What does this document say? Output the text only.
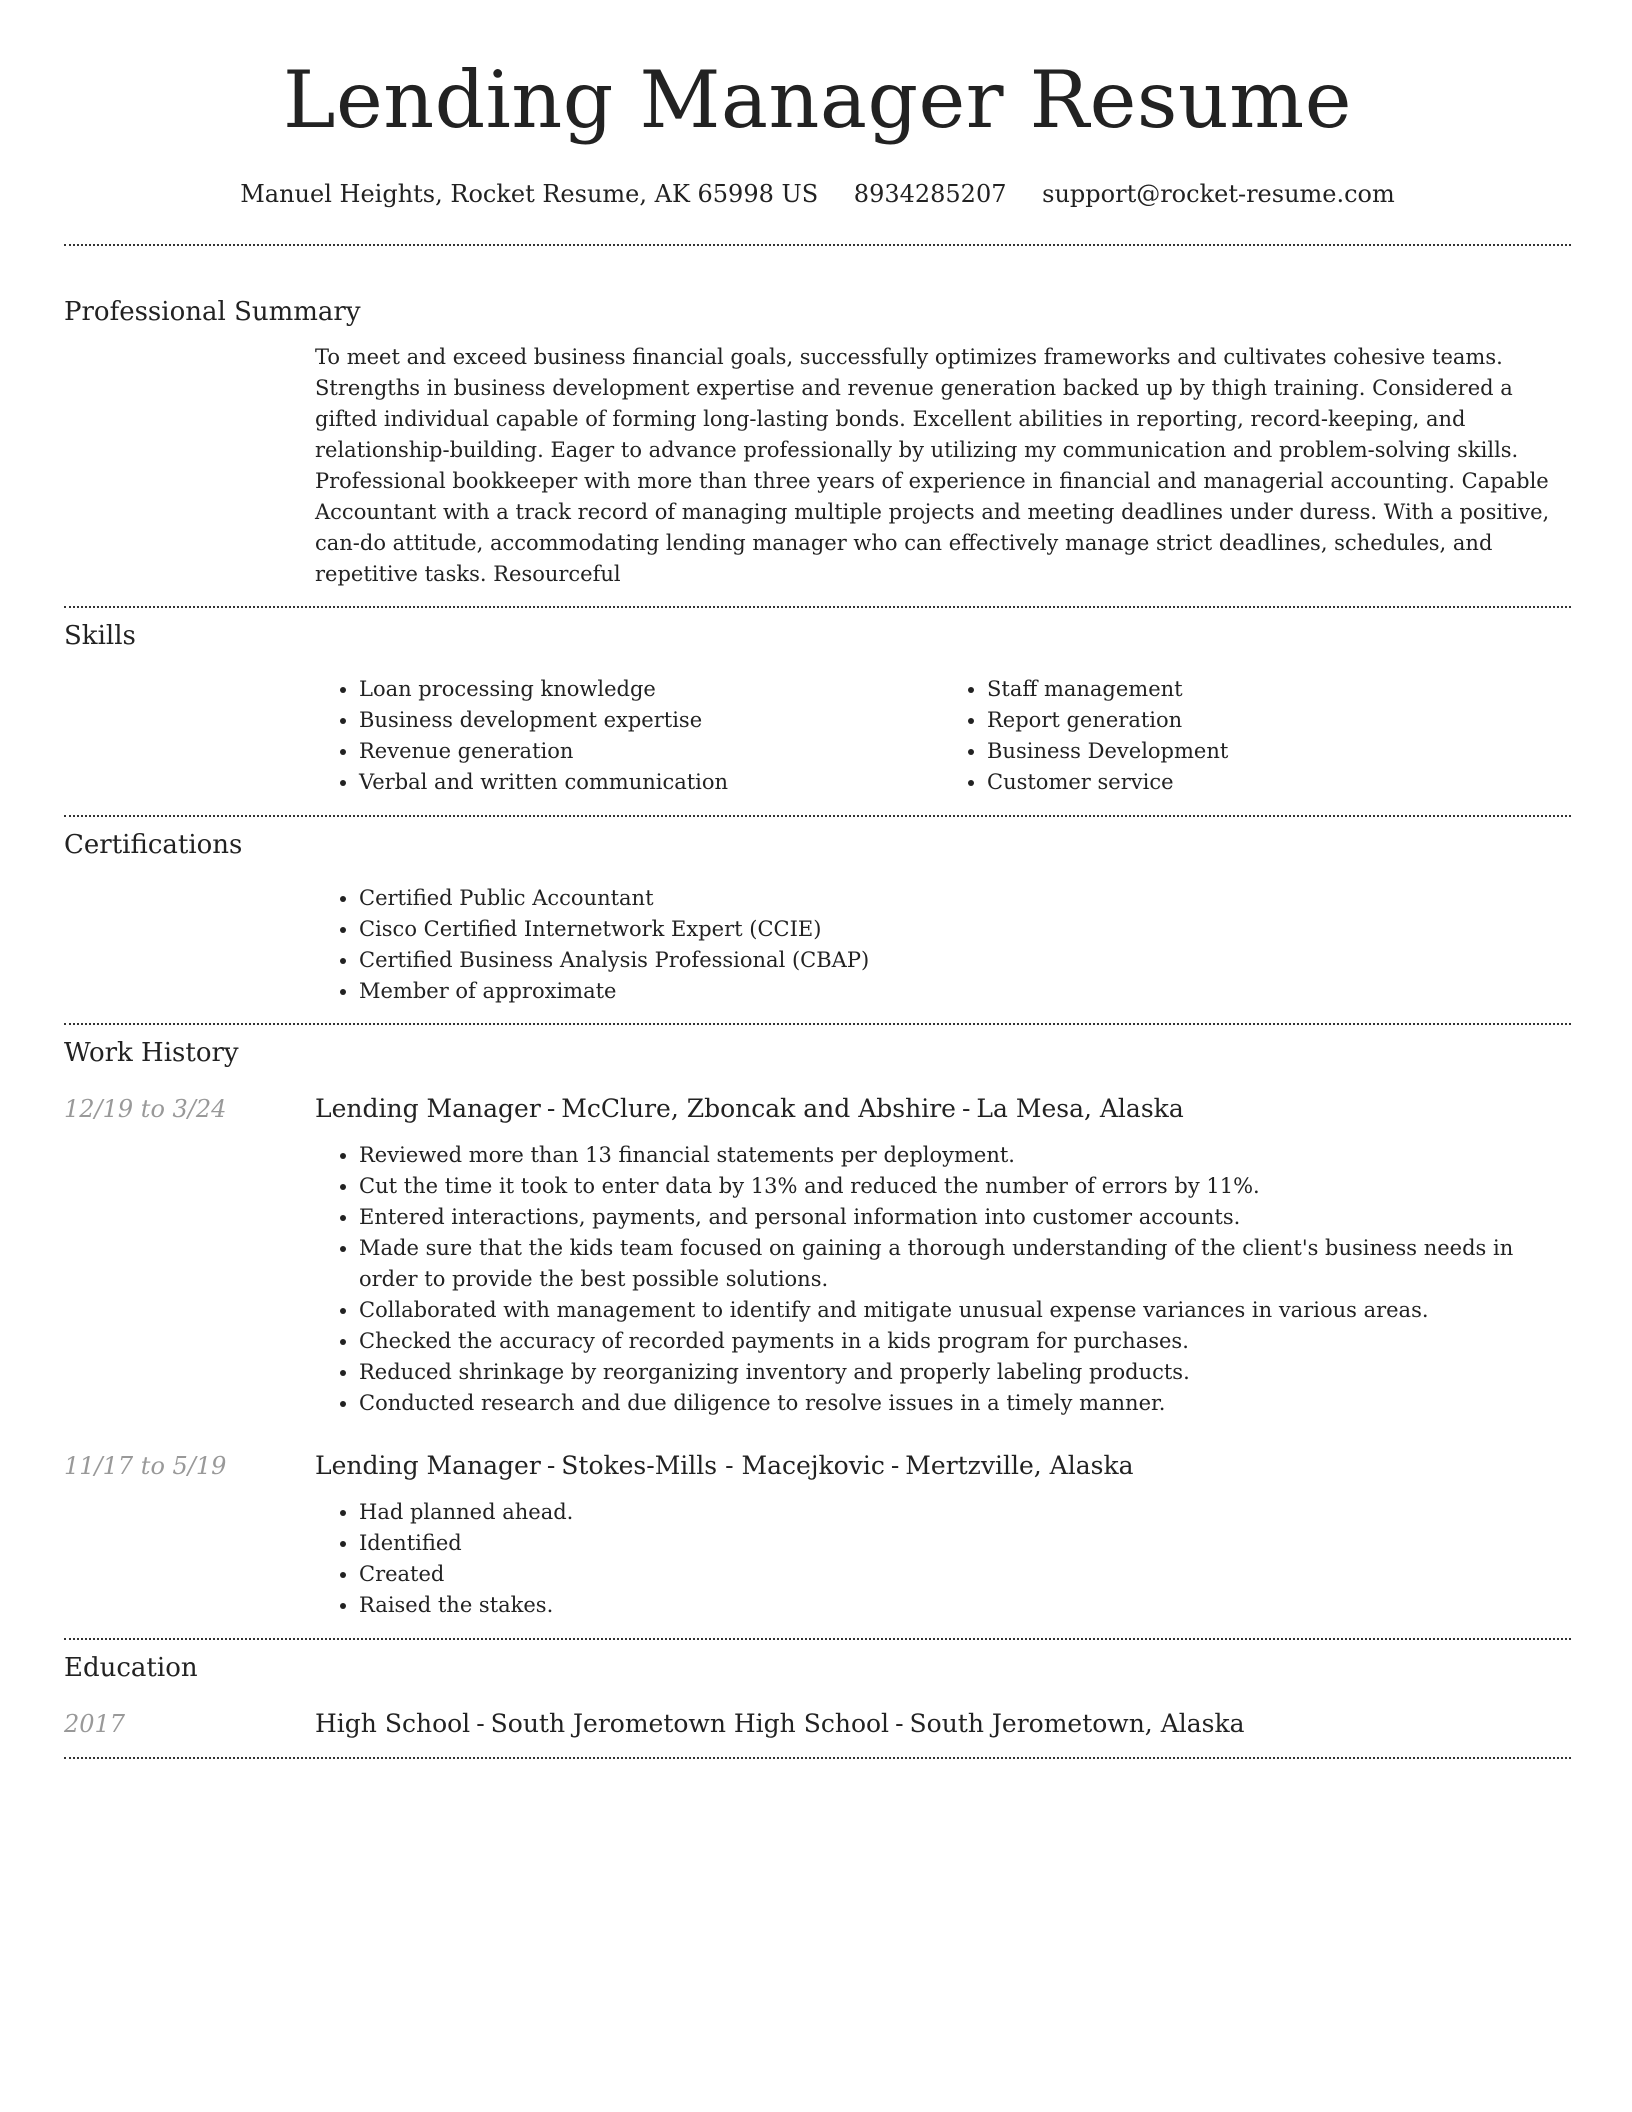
Lending Manager Resume
Manuel Heights, Rocket Resume, AK 65998 US 8934285207 support@rocket-resume.com
Professional Summary

To meet and exceed business financial goals, successfully optimizes frameworks and cultivates cohesive teams. Strengths in business development expertise and revenue generation backed up by thigh training. Considered a gifted individual capable of forming long-lasting bonds. Excellent abilities in reporting, record-keeping, and relationship-building. Eager to advance professionally by utilizing my communication and problem-solving skills. Professional bookkeeper with more than three years of experience in financial and managerial accounting. Capable Accountant with a track record of managing multiple projects and meeting deadlines under duress. With a positive, can-do attitude, accommodating lending manager who can effectively manage strict deadlines, schedules, and repetitive tasks. Resourceful

Skills
• Loan processing knowledge
• Business development expertise
• Revenue generation
• Verbal and written communication
• Staff management
• Report generation
• Business Development
• Customer service
Certifications
• Certified Public Accountant
• Cisco Certified Internetwork Expert (CCIE)
• Certified Business Analysis Professional (CBAP)
• Member of approximate
Work History
12/19 to 3/24	Lending Manager - McClure, Zboncak and Abshire - La Mesa, Alaska
• Reviewed more than 13 financial statements per deployment.
• Cut the time it took to enter data by 13% and reduced the number of errors by 11%.
• Entered interactions, payments, and personal information into customer accounts.
• Made sure that the kids team focused on gaining a thorough understanding of the client's business needs in order to provide the best possible solutions.
• Collaborated with management to identify and mitigate unusual expense variances in various areas.
• Checked the accuracy of recorded payments in a kids program for purchases.
• Reduced shrinkage by reorganizing inventory and properly labeling products.
• Conducted research and due diligence to resolve issues in a timely manner.
11/17 to 5/19	Lending Manager - Stokes-Mills - Macejkovic - Mertzville, Alaska
• Had planned ahead.
• Identified
• Created
• Raised the stakes.
Education
2017	High School - South Jerometown High School - South Jerometown, Alaska
